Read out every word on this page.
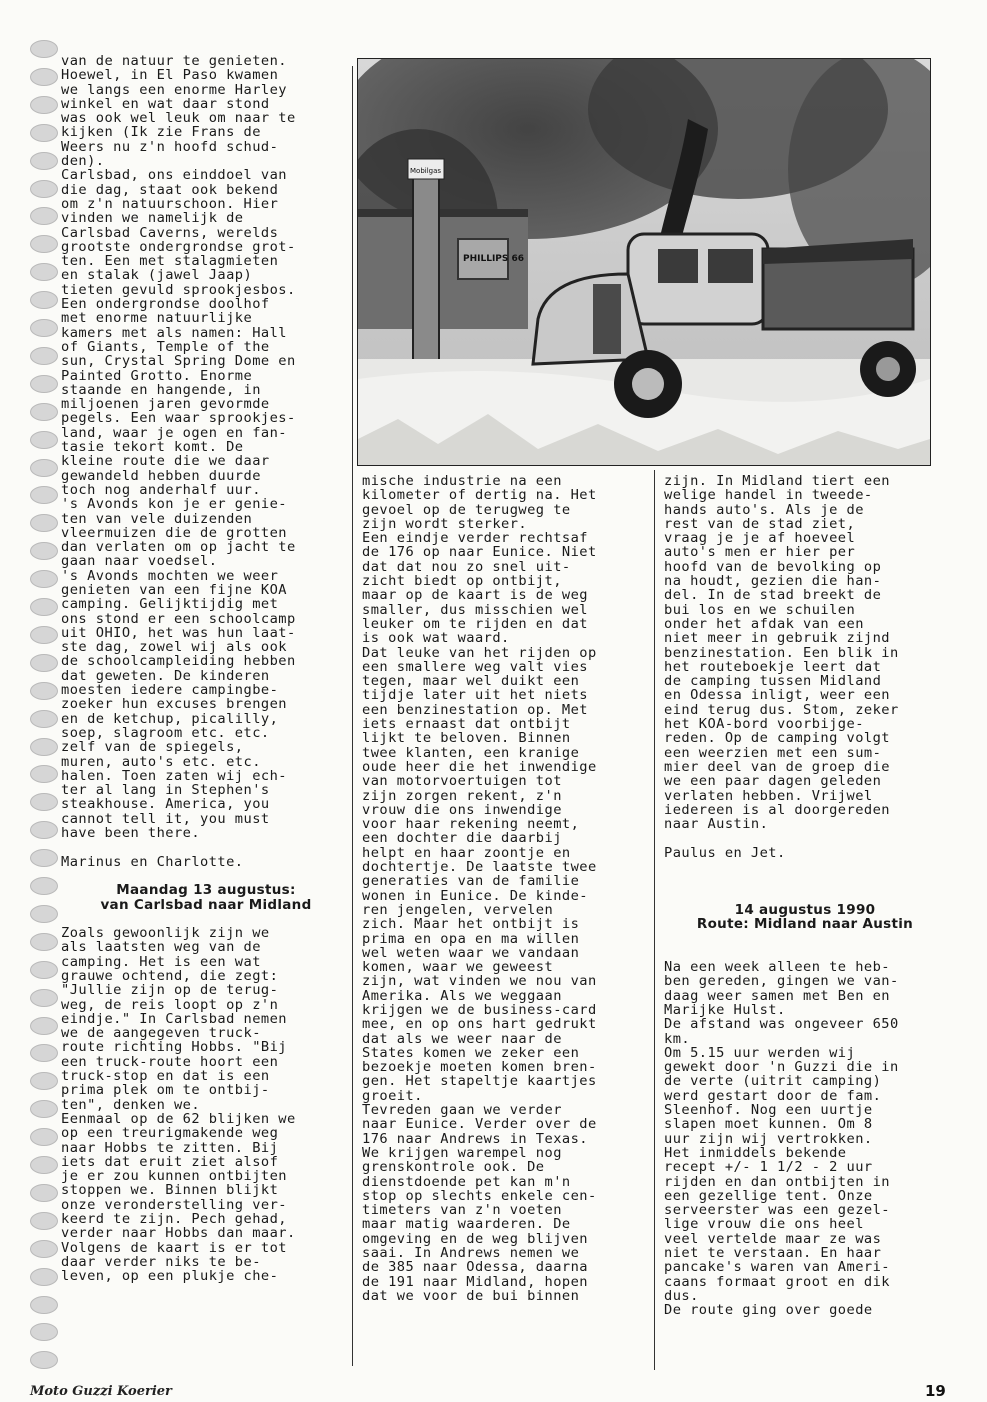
van de natuur te genieten.
Hoewel, in El Paso kwamen
we langs een enorme Harley
winkel en wat daar stond
was ook wel leuk om naar te
kijken (Ik zie Frans de
Weers nu z'n hoofd schud-
den).
Carlsbad, ons einddoel van
die dag, staat ook bekend
om z'n natuurschoon. Hier
vinden we namelijk de
Carlsbad Caverns, werelds
grootste ondergrondse grot-
ten. Een met stalagmieten
en stalak (jawel Jaap)
tieten gevuld sprookjesbos.
Een ondergrondse doolhof
met enorme natuurlijke
kamers met als namen: Hall
of Giants, Temple of the
sun, Crystal Spring Dome en
Painted Grotto. Enorme
staande en hangende, in
miljoenen jaren gevormde
pegels. Een waar sprookjes-
land, waar je ogen en fan-
tasie tekort komt. De
kleine route die we daar
gewandeld hebben duurde
toch nog anderhalf uur.
's Avonds kon je er genie-
ten van vele duizenden
vleermuizen die de grotten
dan verlaten om op jacht te
gaan naar voedsel.
's Avonds mochten we weer
genieten van een fijne KOA
camping. Gelijktijdig met
ons stond er een schoolcamp
uit OHIO, het was hun laat-
ste dag, zowel wij als ook
de schoolcampleiding hebben
dat geweten. De kinderen
moesten iedere campingbe-
zoeker hun excuses brengen
en de ketchup, picalilly,
soep, slagroom etc. etc.
zelf van de spiegels,
muren, auto's etc. etc.
halen. Toen zaten wij ech-
ter al lang in Stephen's
steakhouse. America, you
cannot tell it, you must
have been there.
Marinus en Charlotte.
Maandag 13 augustus:
van Carlsbad naar Midland
Zoals gewoonlijk zijn we
als laatsten weg van de
camping. Het is een wat
grauwe ochtend, die zegt:
"Jullie zijn op de terug-
weg, de reis loopt op z'n
eindje." In Carlsbad nemen
we de aangegeven truck-
route richting Hobbs. "Bij
een truck-route hoort een
truck-stop en dat is een
prima plek om te ontbij-
ten", denken we.
Eenmaal op de 62 blijken we
op een treurigmakende weg
naar Hobbs te zitten. Bij
iets dat eruit ziet alsof
je er zou kunnen ontbijten
stoppen we. Binnen blijkt
onze veronderstelling ver-
keerd te zijn. Pech gehad,
verder naar Hobbs dan maar.
Volgens de kaart is er tot
daar verder niks te be-
leven, op een plukje che-
PHILLIPS 66
Mobilgas
mische industrie na een
kilometer of dertig na. Het
gevoel op de terugweg te
zijn wordt sterker.
Een eindje verder rechtsaf
de 176 op naar Eunice. Niet
dat dat nou zo snel uit-
zicht biedt op ontbijt,
maar op de kaart is de weg
smaller, dus misschien wel
leuker om te rijden en dat
is ook wat waard.
Dat leuke van het rijden op
een smallere weg valt vies
tegen, maar wel duikt een
tijdje later uit het niets
een benzinestation op. Met
iets ernaast dat ontbijt
lijkt te beloven. Binnen
twee klanten, een kranige
oude heer die het inwendige
van motorvoertuigen tot
zijn zorgen rekent, z'n
vrouw die ons inwendige
voor haar rekening neemt,
een dochter die daarbij
helpt en haar zoontje en
dochtertje. De laatste twee
generaties van de familie
wonen in Eunice. De kinde-
ren jengelen, vervelen
zich. Maar het ontbijt is
prima en opa en ma willen
wel weten waar we vandaan
komen, waar we geweest
zijn, wat vinden we nou van
Amerika. Als we weggaan
krijgen we de business-card
mee, en op ons hart gedrukt
dat als we weer naar de
States komen we zeker een
bezoekje moeten komen bren-
gen. Het stapeltje kaartjes
groeit.
Tevreden gaan we verder
naar Eunice. Verder over de
176 naar Andrews in Texas.
We krijgen warempel nog
grenskontrole ook. De
dienstdoende pet kan m'n
stop op slechts enkele cen-
timeters van z'n voeten
maar matig waarderen. De
omgeving en de weg blijven
saai. In Andrews nemen we
de 385 naar Odessa, daarna
de 191 naar Midland, hopen
dat we voor de bui binnen
zijn. In Midland tiert een
welige handel in tweede-
hands auto's. Als je de
rest van de stad ziet,
vraag je je af hoeveel
auto's men er hier per
hoofd van de bevolking op
na houdt, gezien die han-
del. In de stad breekt de
bui los en we schuilen
onder het afdak van een
niet meer in gebruik zijnd
benzinestation. Een blik in
het routeboekje leert dat
de camping tussen Midland
en Odessa inligt, weer een
eind terug dus. Stom, zeker
het KOA-bord voorbijge-
reden. Op de camping volgt
een weerzien met een sum-
mier deel van de groep die
we een paar dagen geleden
verlaten hebben. Vrijwel
iedereen is al doorgereden
naar Austin.
Paulus en Jet.
14 augustus 1990
Route: Midland naar Austin
Na een week alleen te heb-
ben gereden, gingen we van-
daag weer samen met Ben en
Marijke Hulst.
De afstand was ongeveer 650
km.
Om 5.15 uur werden wij
gewekt door 'n Guzzi die in
de verte (uitrit camping)
werd gestart door de fam.
Sleenhof. Nog een uurtje
slapen moet kunnen. Om 8
uur zijn wij vertrokken.
Het inmiddels bekende
recept +/- 1 1/2 - 2 uur
rijden en dan ontbijten in
een gezellige tent. Onze
serveerster was een gezel-
lige vrouw die ons heel
veel vertelde maar ze was
niet te verstaan. En haar
pancake's waren van Ameri-
caans formaat groot en dik
dus.
De route ging over goede
Moto Guzzi Koerier	19
